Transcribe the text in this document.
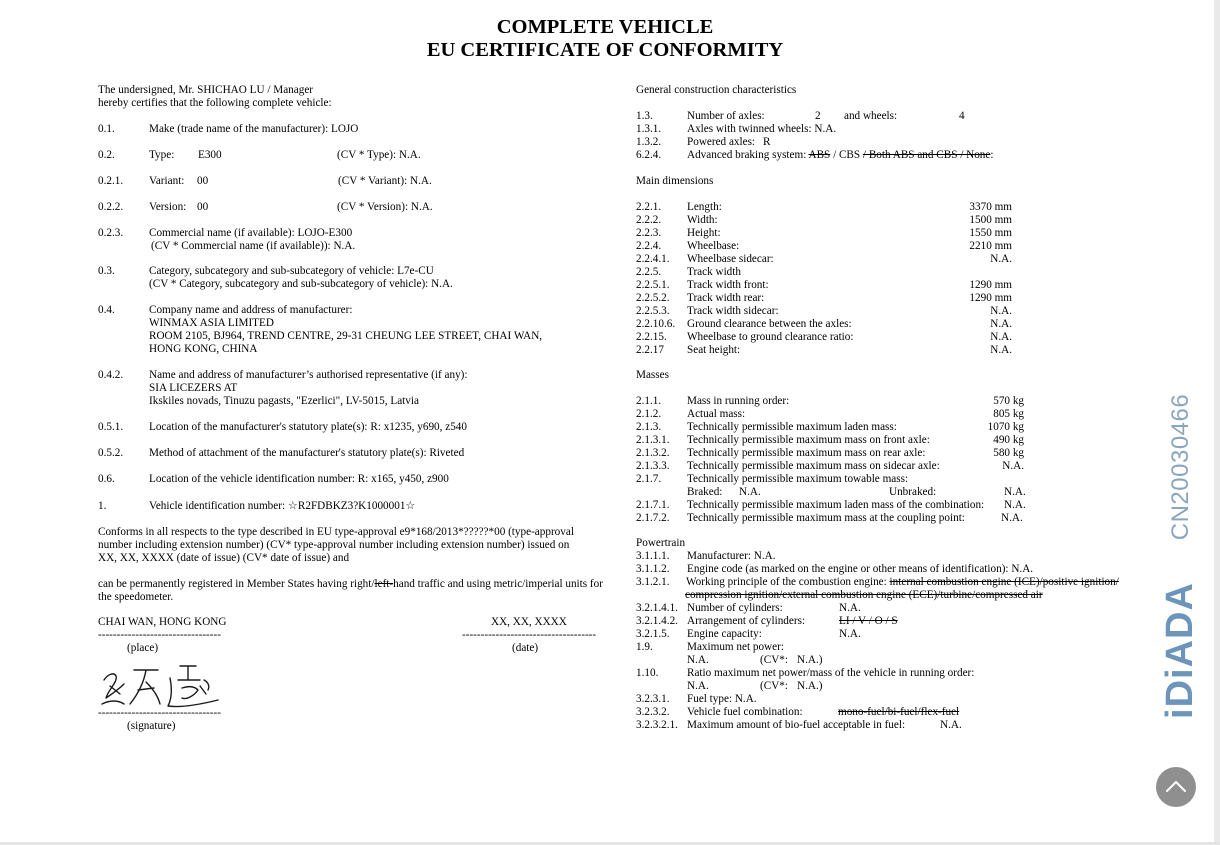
COMPLETE VEHICLE
EU CERTIFICATE OF CONFORMITY
The undersigned, Mr. SHICHAO LU / Manager
hereby certifies that the following complete vehicle:
0.1.	Make (trade name of the manufacturer): LOJO
0.2.	Type: E300	(CV * Type): N.A.
0.2.1. Variant: 00	(CV * Variant): N.A.
0.2.2. Version: 00	(CV * Version): N.A.
0.2.3. Commercial name (if available): LOJO-E300
(CV * Commercial name (if available)): N.A.
0.3.	Category, subcategory and sub-subcategory of vehicle: L7e-CU
(CV * Category, subcategory and sub-subcategory of vehicle): N.A.
0.4.	Company name and address of manufacturer:
WINMAX ASIA LIMITED
ROOM 2105, BJ964, TREND CENTRE, 29-31 CHEUNG LEE STREET, CHAI WAN,
HONG KONG, CHINA
0.4.2. Name and address of manufacturer’s authorised representative (if any):
SIA LICEZERS AT
Ikskiles novads, Tinuzu pagasts, "Ezerlici", LV-5015, Latvia
0.5.1. Location of the manufacturer's statutory plate(s): R: x1235, y690, z540
0.5.2. Method of attachment of the manufacturer's statutory plate(s): Riveted
0.6.	Location of the vehicle identification number: R: x165, y450, z900
1.	Vehicle identification number: ☆R2FDBKZ3?K1000001☆
Conforms in all respects to the type described in EU type-approval e9*168/2013*?????*00 (type-approval
number including extension number) (CV* type-approval number including extension number) issued on
XX, XX, XXXX (date of issue) (CV* date of issue) and
can be permanently registered in Member States having right/left-hand traffic and using metric/imperial units for
the speedometer.
CHAI WAN, HONG KONG	XX, XX, XXXX
---------------------------------	------------------------------------
(place)	(date)
---------------------------------
(signature)
General construction characteristics
1.3.	Number of axles:	2 and wheels:	4
1.3.1. Axles with twinned wheels: N.A.
1.3.2. Powered axles: R
6.2.4. Advanced braking system: ABS / CBS / Both ABS and CBS / None:
Main dimensions
2.2.1. Length:	3370 mm
2.2.2. Width:	1500 mm
2.2.3. Height:	1550 mm
2.2.4. Wheelbase:	2210 mm
2.2.4.1. Wheelbase sidecar:	N.A.
2.2.5. Track width
2.2.5.1. Track width front:	1290 mm
2.2.5.2. Track width rear:	1290 mm
2.2.5.3. Track width sidecar:	N.A.
2.2.10.6. Ground clearance between the axles:	N.A.
2.2.15. Wheelbase to ground clearance ratio:	N.A.
2.2.17 Seat height:	N.A.
Masses
2.1.1. Mass in running order:	570 kg
2.1.2. Actual mass:	805 kg
2.1.3. Technically permissible maximum laden mass:	1070 kg
2.1.3.1. Technically permissible maximum mass on front axle:	490 kg
2.1.3.2. Technically permissible maximum mass on rear axle:	580 kg
2.1.3.3. Technically permissible maximum mass on sidecar axle:	N.A.
2.1.7. Technically permissible maximum towable mass:
Braked: N.A.	Unbraked:	N.A.
2.1.7.1. Technically permissible maximum laden mass of the combination: N.A.
2.1.7.2. Technically permissible maximum mass at the coupling point:	N.A.
Powertrain
3.1.1.1. Manufacturer: N.A.
3.1.1.2. Engine code (as marked on the engine or other means of identification): N.A.
3.1.2.1. Working principle of the combustion engine: internal combustion engine (ICE)/positive ignition/
compression ignition/external combustion engine (ECE)/turbine/compressed air
3.2.1.4.1. Number of cylinders:	N.A.
3.2.1.4.2. Arrangement of cylinders:	LI / V / O / S
3.2.1.5. Engine capacity:	N.A.
1.9.	Maximum net power:
N.A.	(CV*: N.A.)
1.10.	Ratio maximum net power/mass of the vehicle in running order:
N.A.	(CV*: N.A.)
3.2.3.1. Fuel type: N.A.
3.2.3.2. Vehicle fuel combination:	mono-fuel/bi-fuel/flex-fuel
3.2.3.2.1. Maximum amount of bio-fuel acceptable in fuel:	N.A.
CN20030466
iDiADA
